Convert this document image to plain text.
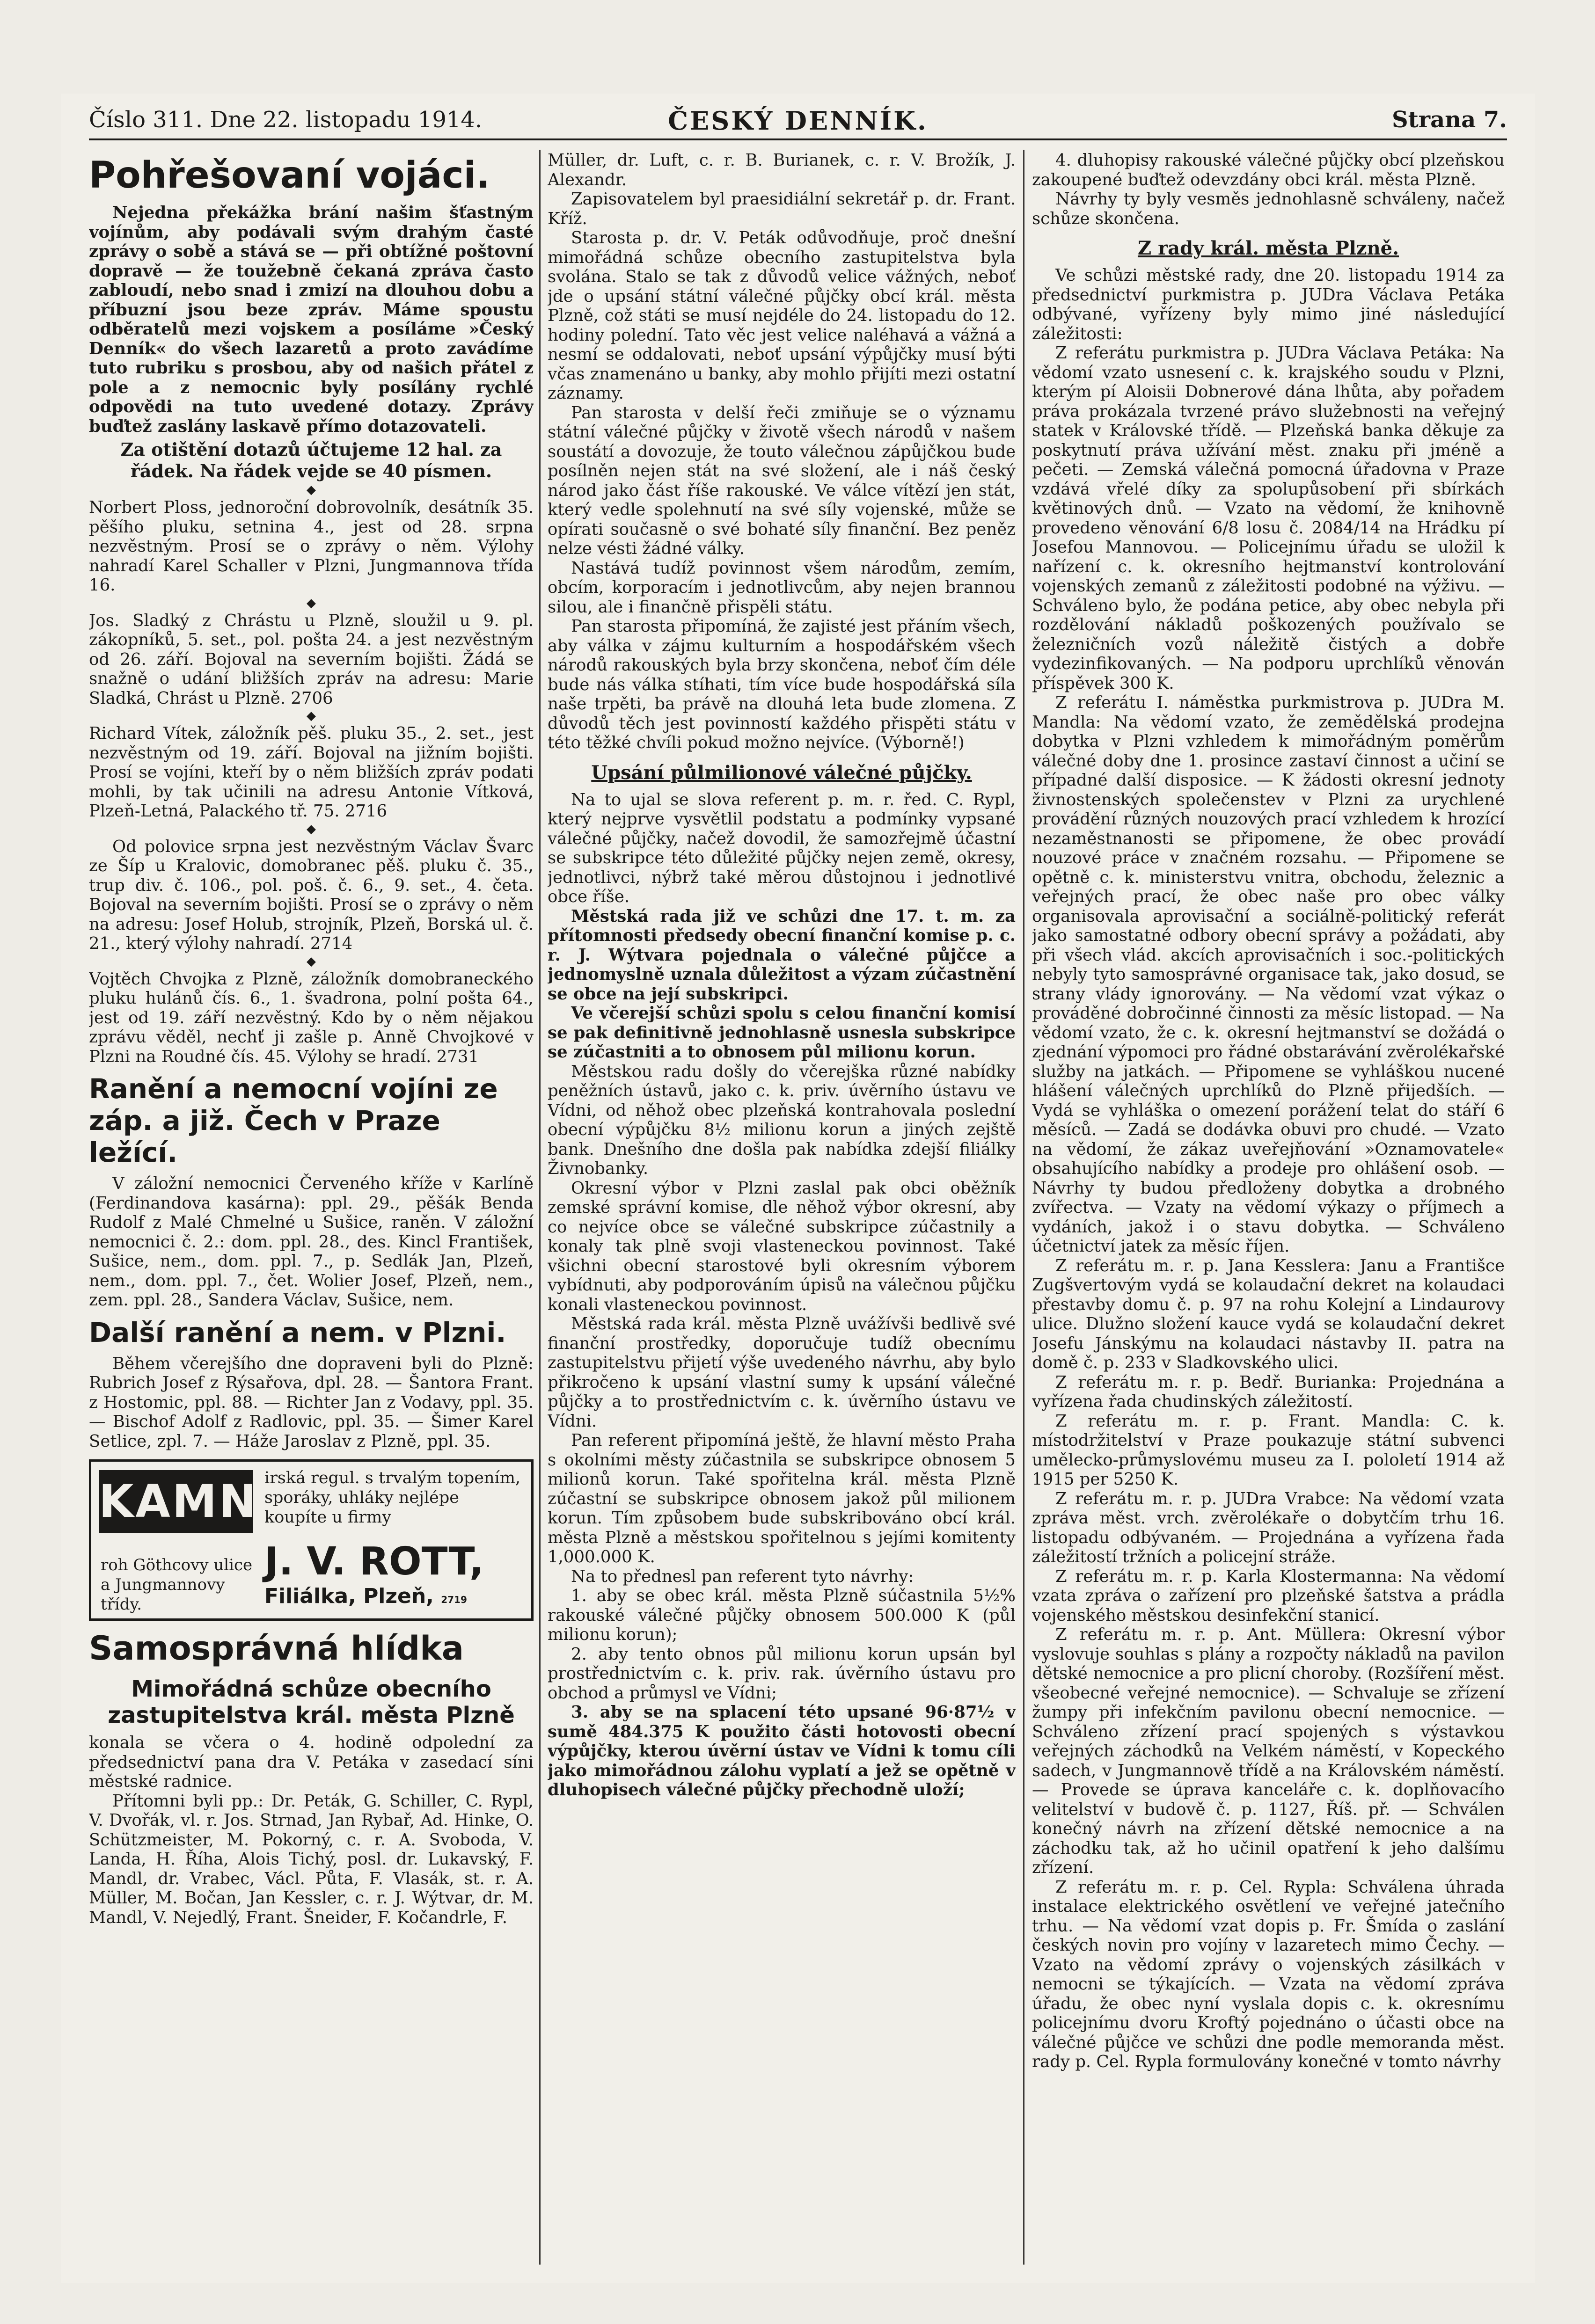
Číslo 311. Dne 22. listopadu 1914.	ČESKÝ DENNÍK.	Strana 7.
Pohřešovaní vojáci.

Nejedna překážka brání našim šťastným vojínům, aby podávali svým drahým časté zprávy o sobě a stává se — při obtížné poštovní dopravě — že toužebně čekaná zpráva často zabloudí, nebo snad i zmizí na dlouhou dobu a příbuzní jsou beze zpráv. Máme spoustu odběratelů mezi vojskem a posíláme »Český Denník« do všech lazaretů a proto zavádíme tuto rubriku s prosbou, aby od našich přátel z pole a z nemocnic byly posílány rychlé odpovědi na tuto uvedené dotazy. Zprávy buďtež zaslány laskavě přímo dotazovateli.

Za otištění dotazů účtujeme 12 hal. za řádek. Na řádek vejde se 40 písmen.

◆

Norbert Ploss, jednoroční dobrovolník, desátník 35. pěšího pluku, setnina 4., jest od 28. srpna nezvěstným. Prosí se o zprávy o něm. Výlohy nahradí Karel Schaller v Plzni, Jungmannova třída 16.

◆

Jos. Sladký z Chrástu u Plzně, sloužil u 9. pl. zákopníků, 5. set., pol. pošta 24. a jest nezvěstným od 26. září. Bojoval na severním bojišti. Žádá se snažně o udání bližších zpráv na adresu: Marie Sladká, Chrást u Plzně. 2706

◆

Richard Vítek, záložník pěš. pluku 35., 2. set., jest nezvěstným od 19. září. Bojoval na jižním bojišti. Prosí se vojíni, kteří by o něm bližších zpráv podati mohli, by tak učinili na adresu Antonie Vítková, Plzeň-Letná, Palackého tř. 75. 2716

◆

Od polovice srpna jest nezvěstným Václav Švarc ze Šíp u Kralovic, domobranec pěš. pluku č. 35., trup div. č. 106., pol. poš. č. 6., 9. set., 4. četa. Bojoval na severním bojišti. Prosí se o zprávy o něm na adresu: Josef Holub, strojník, Plzeň, Borská ul. č. 21., který výlohy nahradí. 2714

◆

Vojtěch Chvojka z Plzně, záložník domobraneckého pluku hulánů čís. 6., 1. švadrona, polní pošta 64., jest od 19. září nezvěstný. Kdo by o něm nějakou zprávu věděl, nechť ji zašle p. Anně Chvojkové v Plzni na Roudné čís. 45. Výlohy se hradí. 2731

Ranění a nemocní vojíni ze záp. a již. Čech v Praze ležící.

V záložní nemocnici Červeného kříže v Karlíně (Ferdinandova kasárna): ppl. 29., pěšák Benda Rudolf z Malé Chmelné u Sušice, raněn. V záložní nemocnici č. 2.: dom. ppl. 28., des. Kincl František, Sušice, nem., dom. ppl. 7., p. Sedlák Jan, Plzeň, nem., dom. ppl. 7., čet. Wolier Josef, Plzeň, nem., zem. ppl. 28., Sandera Václav, Sušice, nem.

Další ranění a nem. v Plzni.

Během včerejšího dne dopraveni byli do Plzně: Rubrich Josef z Rýsařova, dpl. 28. — Šantora Frant. z Hostomic, ppl. 88. — Richter Jan z Vodavy, ppl. 35. — Bischof Adolf z Radlovic, ppl. 35. — Šimer Karel Setlice, zpl. 7. — Háže Jaroslav z Plzně, ppl. 35.

KAMNA
irská regul. s trvalým topením, sporáky, uhláky nejlépe koupíte u firmy
roh Göthcovy ulice a Jungmannovy třídy.
J. V. ROTT,
Filiálka, Plzeň, 2719
Samosprávná hlídka
Mimořádná schůze obecního zastupitelstva král. města Plzně

konala se včera o 4. hodině odpolední za předsednictví pana dra V. Petáka v zasedací síni městské radnice.

Přítomni byli pp.: Dr. Peták, G. Schiller, C. Rypl, V. Dvořák, vl. r. Jos. Strnad, Jan Rybař, Ad. Hinke, O. Schützmeister, M. Pokorný, c. r. A. Svoboda, V. Landa, H. Říha, Alois Tichý, posl. dr. Lukavský, F. Mandl, dr. Vrabec, Václ. Půta, F. Vlasák, st. r. A. Müller, M. Bočan, Jan Kessler, c. r. J. Wýtvar, dr. M. Mandl, V. Nejedlý, Frant. Šneider, F. Kočandrle, F.

Müller, dr. Luft, c. r. B. Burianek, c. r. V. Brožík, J. Alexandr.

Zapisovatelem byl praesidiální sekretář p. dr. Frant. Kříž.

Starosta p. dr. V. Peták odůvodňuje, proč dnešní mimořádná schůze obecního zastupitelstva byla svolána. Stalo se tak z důvodů velice vážných, neboť jde o upsání státní válečné půjčky obcí král. města Plzně, což státi se musí nejdéle do 24. listopadu do 12. hodiny polední. Tato věc jest velice naléhavá a vážná a nesmí se oddalovati, neboť upsání výpůjčky musí býti včas znamenáno u banky, aby mohlo přijíti mezi ostatní záznamy.

Pan starosta v delší řeči zmiňuje se o významu státní válečné půjčky v životě všech národů v našem soustátí a dovozuje, že touto válečnou zápůjčkou bude posílněn nejen stát na své složení, ale i náš český národ jako část říše rakouské. Ve válce vítězí jen stát, který vedle spolehnutí na své síly vojenské, může se opírati současně o své bohaté síly finanční. Bez peněz nelze vésti žádné války.

Nastává tudíž povinnost všem národům, zemím, obcím, korporacím i jednotlivcům, aby nejen brannou silou, ale i finančně přispěli státu.

Pan starosta připomíná, že zajisté jest přáním všech, aby válka v zájmu kulturním a hospodářském všech národů rakouských byla brzy skončena, neboť čím déle bude nás válka stíhati, tím více bude hospodářská síla naše trpěti, ba právě na dlouhá leta bude zlomena. Z důvodů těch jest povinností každého přispěti státu v této těžké chvíli pokud možno nejvíce. (Výborně!)

Upsání půlmilionové válečné půjčky.

Na to ujal se slova referent p. m. r. řed. C. Rypl, který nejprve vysvětlil podstatu a podmínky vypsané válečné půjčky, načež dovodil, že samozřejmě účastní se subskripce této důležité půjčky nejen země, okresy, jednotlivci, nýbrž také měrou důstojnou i jednotlivé obce říše.

Městská rada již ve schůzi dne 17. t. m. za přítomnosti předsedy obecní finanční komise p. c. r. J. Wýtvara pojednala o válečné půjčce a jednomyslně uznala důležitost a výzam zúčastnění se obce na její subskripci.

Ve včerejší schůzi spolu s celou finanční komisí se pak definitivně jednohlasně usnesla subskripce se zúčastniti a to obnosem půl milionu korun.

Městskou radu došly do včerejška různé nabídky peněžních ústavů, jako c. k. priv. úvěrního ústavu ve Vídni, od něhož obec plzeňská kontrahovala poslední obecní výpůjčku 8½ milionu korun a jiných zejště bank. Dnešního dne došla pak nabídka zdejší filiálky Živnobanky.

Okresní výbor v Plzni zaslal pak obci oběžník zemské správní komise, dle něhož výbor okresní, aby co nejvíce obce se válečné subskripce zúčastnily a konaly tak plně svoji vlasteneckou povinnost. Také všichni obecní starostové byli okresním výborem vybídnuti, aby podporováním úpisů na válečnou půjčku konali vlasteneckou povinnost.

Městská rada král. města Plzně uvážívši bedlivě své finanční prostředky, doporučuje tudíž obecnímu zastupitelstvu přijetí výše uvedeného návrhu, aby bylo přikročeno k upsání vlastní sumy k upsání válečné půjčky a to prostřednictvím c. k. úvěrního ústavu ve Vídni.

Pan referent připomíná ještě, že hlavní město Praha s okolními městy zúčastnila se subskripce obnosem 5 milionů korun. Také spořitelna král. města Plzně zúčastní se subskripce obnosem jakož půl milionem korun. Tím způsobem bude subskribováno obcí král. města Plzně a městskou spořitelnou s jejími komitenty 1,000.000 K.

Na to přednesl pan referent tyto návrhy:

1. aby se obec král. města Plzně súčastnila 5½% rakouské válečné půjčky obnosem 500.000 K (půl milionu korun);

2. aby tento obnos půl milionu korun upsán byl prostřednictvím c. k. priv. rak. úvěrního ústavu pro obchod a průmysl ve Vídni;

3. aby se na splacení této upsané 96·87½ v sumě 484.375 K použito části hotovosti obecní výpůjčky, kterou úvěrní ústav ve Vídni k tomu cíli jako mimořádnou zálohu vyplatí a jež se opětně v dluhopisech válečné půjčky přechodně uloží;

4. dluhopisy rakouské válečné půjčky obcí plzeňskou zakoupené buďtež odevzdány obci král. města Plzně.

Návrhy ty byly vesměs jednohlasně schváleny, načež schůze skončena.

Z rady král. města Plzně.

Ve schůzi městské rady, dne 20. listopadu 1914 za předsednictví purkmistra p. JUDra Václava Petáka odbývané, vyřízeny byly mimo jiné následující záležitosti:

Z referátu purkmistra p. JUDra Václava Petáka: Na vědomí vzato usnesení c. k. krajského soudu v Plzni, kterým pí Aloisii Dobnerové dána lhůta, aby pořadem práva prokázala tvrzené právo služebnosti na veřejný statek v Královské třídě. — Plzeňská banka děkuje za poskytnutí práva užívání měst. znaku při jméně a pečeti. — Zemská válečná pomocná úřadovna v Praze vzdává vřelé díky za spolupůsobení při sbírkách květinových dnů. — Vzato na vědomí, že knihovně provedeno věnování 6/8 losu č. 2084/14 na Hrádku pí Josefou Mannovou. — Policejnímu úřadu se uložil k nařízení c. k. okresního hejtmanství kontrolování vojenských zemanů z záležitosti podobné na výživu. — Schváleno bylo, že podána petice, aby obec nebyla při rozdělování nákladů poškozených používalo se železničních vozů náležitě čistých a dobře vydezinfikovaných. — Na podporu uprchlíků věnován příspěvek 300 K.

Z referátu I. náměstka purkmistrova p. JUDra M. Mandla: Na vědomí vzato, že zemědělská prodejna dobytka v Plzni vzhledem k mimořádným poměrům válečné doby dne 1. prosince zastaví činnost a učiní se případné další disposice. — K žádosti okresní jednoty živnostenských společenstev v Plzni za urychlené provádění různých nouzových prací vzhledem k hrozící nezaměstnanosti se připomene, že obec provádí nouzové práce v značném rozsahu. — Připomene se opětně c. k. ministerstvu vnitra, obchodu, železnic a veřejných prací, že obec naše pro obec války organisovala aprovisační a sociálně-politický referát jako samostatné odbory obecní správy a požádati, aby při všech vlád. akcích aprovisačních i soc.-politických nebyly tyto samosprávné organisace tak, jako dosud, se strany vlády ignorovány. — Na vědomí vzat výkaz o prováděné dobročinné činnosti za měsíc listopad. — Na vědomí vzato, že c. k. okresní hejtmanství se dožádá o zjednání výpomoci pro řádné obstarávání zvěrolékařské služby na jatkách. — Připomene se vyhláškou nucené hlášení válečných uprchlíků do Plzně přijedších. — Vydá se vyhláška o omezení porážení telat do stáří 6 měsíců. — Zadá se dodávka obuvi pro chudé. — Vzato na vědomí, že zákaz uveřejňování »Oznamovatele« obsahujícího nabídky a prodeje pro ohlášení osob. — Návrhy ty budou předloženy dobytka a drobného zvířectva. — Vzaty na vědomí výkazy o příjmech a vydáních, jakož i o stavu dobytka. — Schváleno účetnictví jatek za měsíc říjen.

Z referátu m. r. p. Jana Kesslera: Janu a Františce Zugšvertovým vydá se kolaudační dekret na kolaudaci přestavby domu č. p. 97 na rohu Kolejní a Lindaurovy ulice. Dlužno složení kauce vydá se kolaudační dekret Josefu Jánskýmu na kolaudaci nástavby II. patra na domě č. p. 233 v Sladkovského ulici.

Z referátu m. r. p. Bedř. Burianka: Projednána a vyřízena řada chudinských záležitostí.

Z referátu m. r. p. Frant. Mandla: C. k. místodržitelství v Praze poukazuje státní subvenci umělecko-průmyslovému museu za I. pololetí 1914 až 1915 per 5250 K.

Z referátu m. r. p. JUDra Vrabce: Na vědomí vzata zpráva měst. vrch. zvěrolékaře o dobytčím trhu 16. listopadu odbývaném. — Projednána a vyřízena řada záležitostí tržních a policejní stráže.

Z referátu m. r. p. Karla Klostermanna: Na vědomí vzata zpráva o zařízení pro plzeňské šatstva a prádla vojenského městskou desinfekční stanicí.

Z referátu m. r. p. Ant. Müllera: Okresní výbor vyslovuje souhlas s plány a rozpočty nákladů na pavilon dětské nemocnice a pro plicní choroby. (Rozšíření měst. všeobecné veřejné nemocnice). — Schvaluje se zřízení žumpy při infekčním pavilonu obecní nemocnice. — Schváleno zřízení prací spojených s výstavkou veřejných záchodků na Velkém náměstí, v Kopeckého sadech, v Jungmannově třídě a na Královském náměstí. — Provede se úprava kanceláře c. k. doplňovacího velitelství v budově č. p. 1127, Říš. př. — Schválen konečný návrh na zřízení dětské nemocnice a na záchodku tak, až ho učinil opatření k jeho dalšímu zřízení.

Z referátu m. r. p. Cel. Rypla: Schválena úhrada instalace elektrického osvětlení ve veřejné jatečního trhu. — Na vědomí vzat dopis p. Fr. Šmída o zaslání českých novin pro vojíny v lazaretech mimo Čechy. — Vzato na vědomí zprávy o vojenských zásilkách v nemocni se týkajících. — Vzata na vědomí zpráva úřadu, že obec nyní vyslala dopis c. k. okresnímu policejnímu dvoru Kroftý pojednáno o účasti obce na válečné půjčce ve schůzi dne podle memoranda měst. rady p. Cel. Rypla formulovány konečné v tomto návrhy
